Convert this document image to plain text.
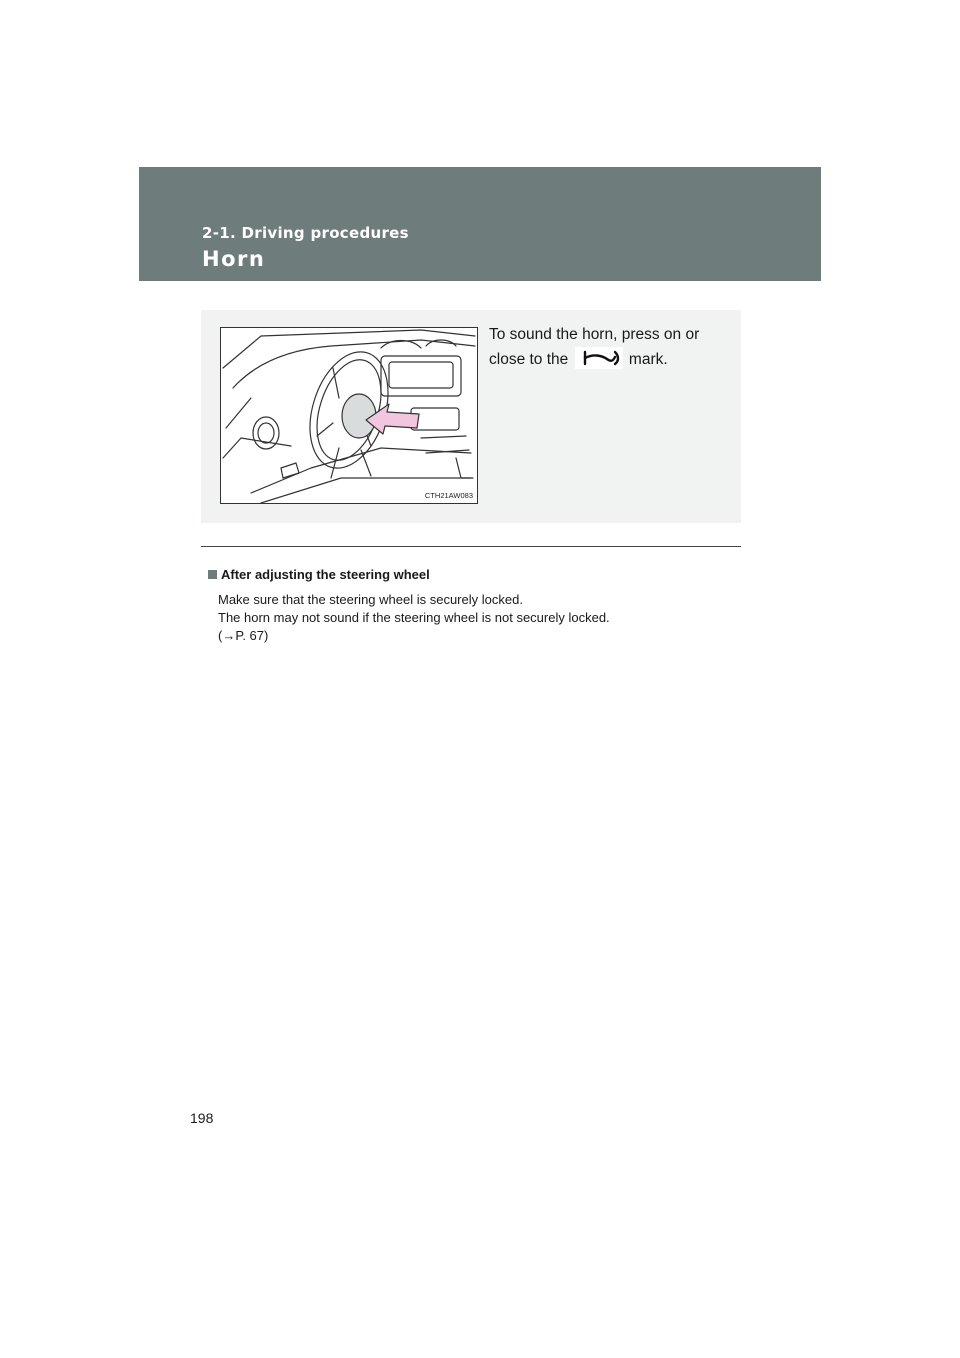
2-1. Driving procedures
Horn
CTH21AW083
To sound the horn, press on or close to the	mark.
After adjusting the steering wheel
Make sure that the steering wheel is securely locked.
The horn may not sound if the steering wheel is not securely locked.
(→P. 67)
198
